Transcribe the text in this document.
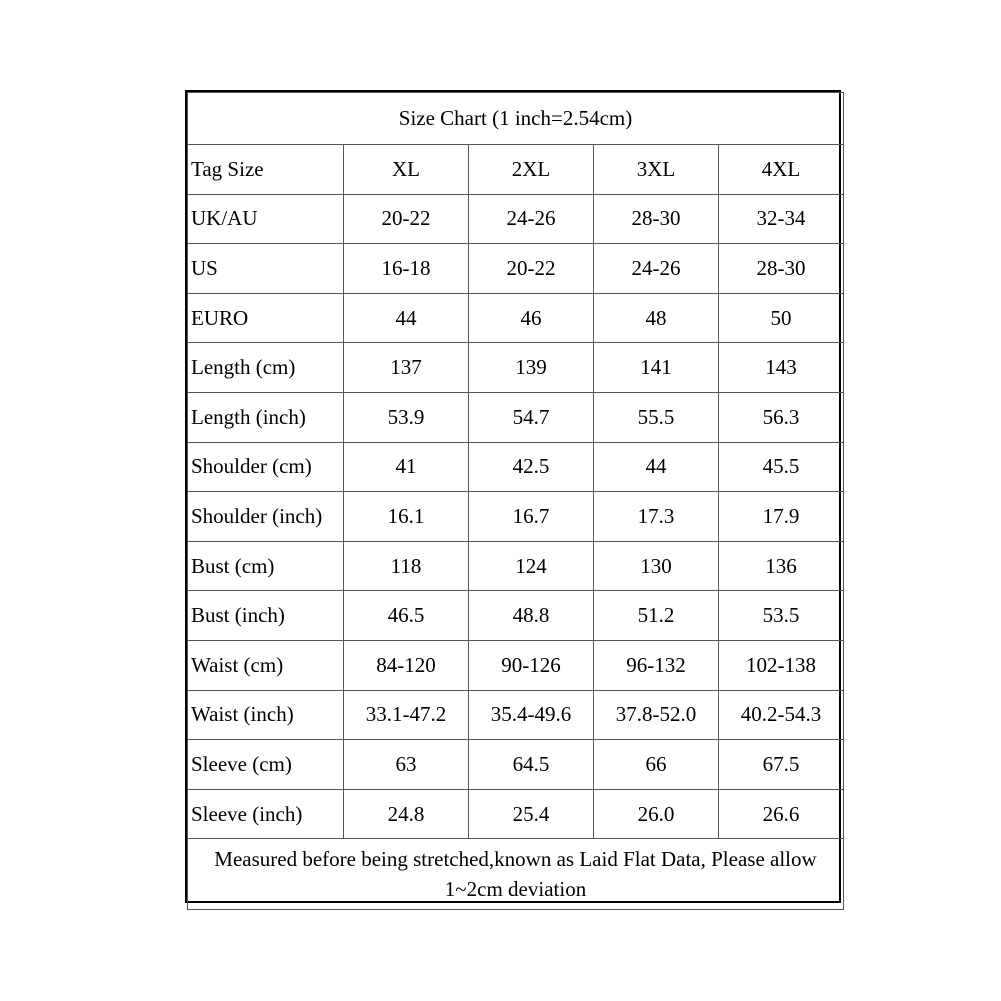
Size Chart (1 inch=2.54cm)				
Tag Size	XL	2XL	3XL	4XL
UK/AU	20-22	24-26	28-30	32-34
US	16-18	20-22	24-26	28-30
EURO	44	46	48	50
Length (cm)	137	139	141	143
Length (inch)	53.9	54.7	55.5	56.3
Shoulder (cm)	41	42.5	44	45.5
Shoulder (inch)	16.1	16.7	17.3	17.9
Bust (cm)	118	124	130	136
Bust (inch)	46.5	48.8	51.2	53.5
Waist (cm)	84-120	90-126	96-132	102-138
Waist (inch)	33.1-47.2	35.4-49.6	37.8-52.0	40.2-54.3
Sleeve (cm)	63	64.5	66	67.5
Sleeve (inch)	24.8	25.4	26.0	26.6
Measured before being stretched,known as Laid Flat Data, Please allow 1~2cm deviation				
